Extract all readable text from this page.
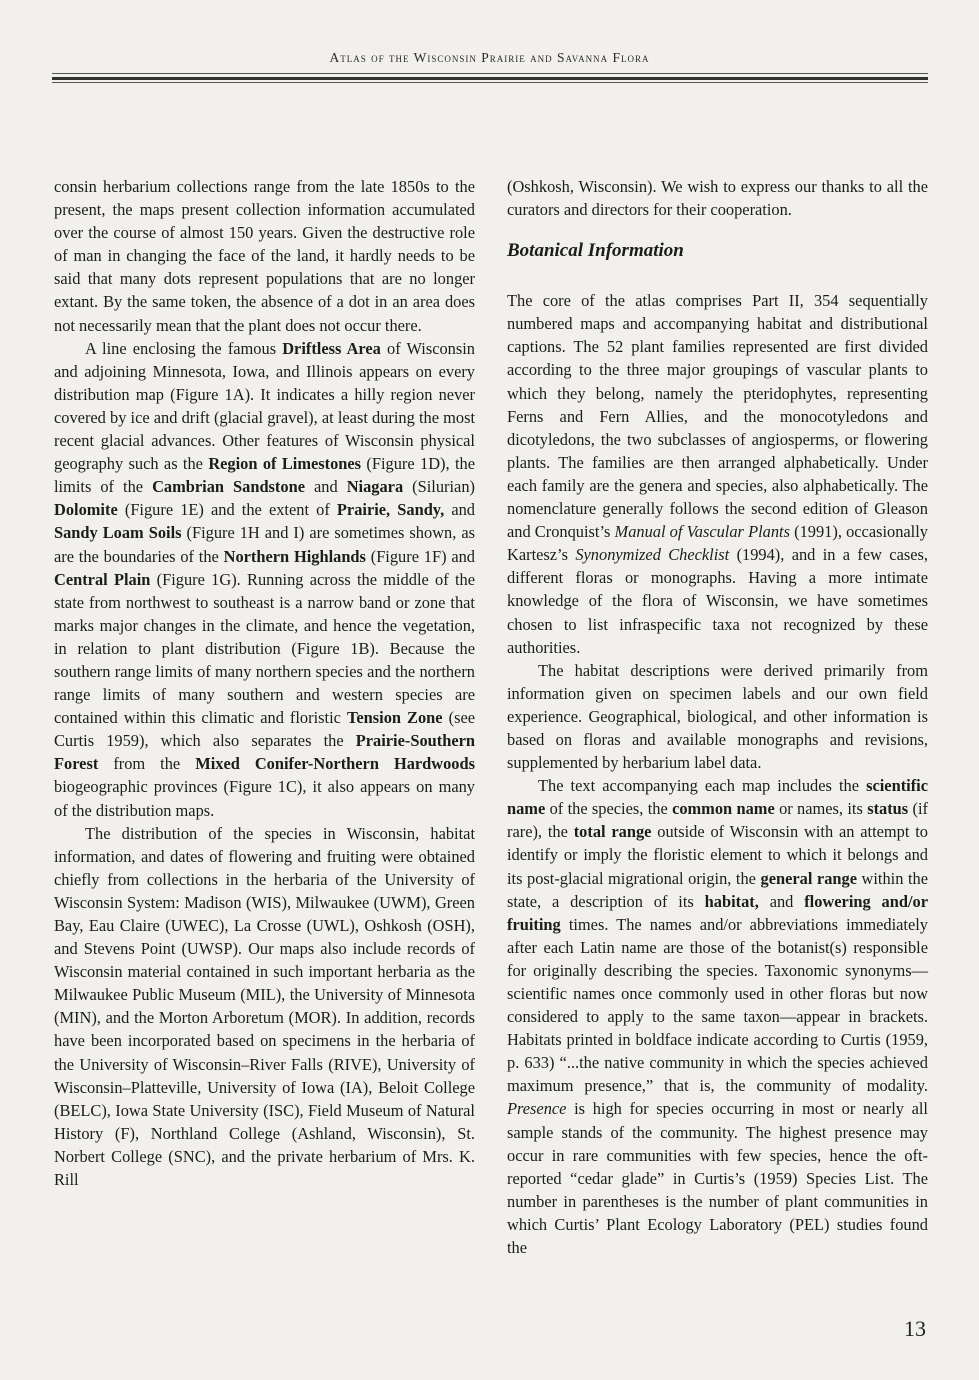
Atlas of the Wisconsin Prairie and Savanna Flora

consin herbarium collections range from the late 1850s to the present, the maps present collection information accumulated over the course of almost 150 years. Given the destructive role of man in changing the face of the land, it hardly needs to be said that many dots represent populations that are no longer extant. By the same token, the absence of a dot in an area does not necessarily mean that the plant does not occur there.

A line enclosing the famous Driftless Area of Wisconsin and adjoining Minnesota, Iowa, and Illinois appears on every distribution map (Figure 1A). It indicates a hilly region never covered by ice and drift (glacial gravel), at least during the most recent glacial advances. Other features of Wisconsin physical geography such as the Region of Limestones (Figure 1D), the limits of the Cambrian Sandstone and Niagara (Silurian) Dolomite (Figure 1E) and the extent of Prairie, Sandy, and Sandy Loam Soils (Figure 1H and I) are sometimes shown, as are the boundaries of the Northern Highlands (Figure 1F) and Central Plain (Figure 1G). Running across the middle of the state from northwest to southeast is a narrow band or zone that marks major changes in the climate, and hence the vegetation, in relation to plant distribution (Figure 1B). Because the southern range limits of many northern species and the northern range limits of many southern and western species are contained within this climatic and floristic Tension Zone (see Curtis 1959), which also separates the Prairie-Southern Forest from the Mixed Conifer-Northern Hardwoods biogeographic provinces (Figure 1C), it also appears on many of the distribution maps.

The distribution of the species in Wisconsin, habitat information, and dates of flowering and fruiting were obtained chiefly from collections in the herbaria of the University of Wisconsin System: Madison (WIS), Milwaukee (UWM), Green Bay, Eau Claire (UWEC), La Crosse (UWL), Oshkosh (OSH), and Stevens Point (UWSP). Our maps also include records of Wisconsin material contained in such important herbaria as the Milwaukee Public Museum (MIL), the University of Minnesota (MIN), and the Morton Arboretum (MOR). In addition, records have been incorporated based on specimens in the herbaria of the University of Wisconsin–River Falls (RIVE), University of Wisconsin–Platteville, University of Iowa (IA), Beloit College (BELC), Iowa State University (ISC), Field Museum of Natural History (F), Northland College (Ashland, Wisconsin), St. Norbert College (SNC), and the private herbarium of Mrs. K. Rill

(Oshkosh, Wisconsin). We wish to express our thanks to all the curators and directors for their cooperation.

Botanical Information

The core of the atlas comprises Part II, 354 sequentially numbered maps and accompanying habitat and distributional captions. The 52 plant families represented are first divided according to the three major groupings of vascular plants to which they belong, namely the pteridophytes, representing Ferns and Fern Allies, and the monocotyledons and dicotyledons, the two subclasses of angiosperms, or flowering plants. The families are then arranged alphabetically. Under each family are the genera and species, also alphabetically. The nomenclature generally follows the second edition of Gleason and Cronquist’s Manual of Vascular Plants (1991), occasionally Kartesz’s Synonymized Checklist (1994), and in a few cases, different floras or monographs. Having a more intimate knowledge of the flora of Wisconsin, we have sometimes chosen to list infraspecific taxa not recognized by these authorities.

The habitat descriptions were derived primarily from information given on specimen labels and our own field experience. Geographical, biological, and other information is based on floras and available monographs and revisions, supplemented by herbarium label data.

The text accompanying each map includes the scientific name of the species, the common name or names, its status (if rare), the total range outside of Wisconsin with an attempt to identify or imply the floristic element to which it belongs and its post-glacial migrational origin, the general range within the state, a description of its habitat, and flowering and/or fruiting times. The names and/or abbreviations immediately after each Latin name are those of the botanist(s) responsible for originally describing the species. Taxonomic synonyms—scientific names once commonly used in other floras but now considered to apply to the same taxon—appear in brackets. Habitats printed in boldface indicate according to Curtis (1959, p. 633) “...the native community in which the species achieved maximum presence,” that is, the community of modality. Presence is high for species occurring in most or nearly all sample stands of the community. The highest presence may occur in rare communities with few species, hence the oft-reported “cedar glade” in Curtis’s (1959) Species List. The number in parentheses is the number of plant communities in which Curtis’ Plant Ecology Laboratory (PEL) studies found the

13
